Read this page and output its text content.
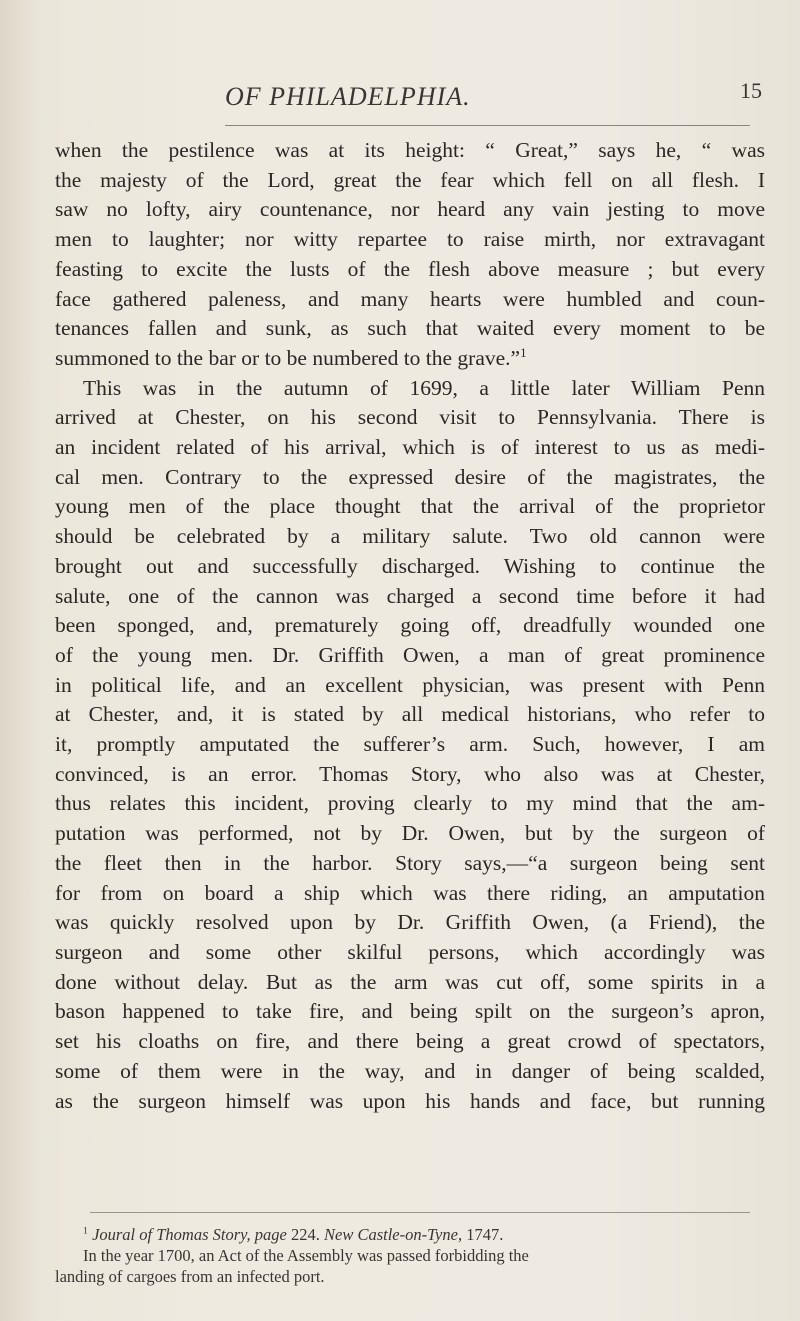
OF PHILADELPHIA.	15
when the pestilence was at its height: “ Great,” says he, “ was
the majesty of the Lord, great the fear which fell on all flesh. I
saw no lofty, airy countenance, nor heard any vain jesting to move
men to laughter; nor witty repartee to raise mirth, nor extravagant
feasting to excite the lusts of the flesh above measure ; but every
face gathered paleness, and many hearts were humbled and coun-
tenances fallen and sunk, as such that waited every moment to be
summoned to the bar or to be numbered to the grave.”$^1$
This was in the autumn of 1699, a little later William Penn
arrived at Chester, on his second visit to Pennsylvania. There is
an incident related of his arrival, which is of interest to us as medi-
cal men. Contrary to the expressed desire of the magistrates, the
young men of the place thought that the arrival of the proprietor
should be celebrated by a military salute. Two old cannon were
brought out and successfully discharged. Wishing to continue the
salute, one of the cannon was charged a second time before it had
been sponged, and, prematurely going off, dreadfully wounded one
of the young men. Dr. Griffith Owen, a man of great prominence
in political life, and an excellent physician, was present with Penn
at Chester, and, it is stated by all medical historians, who refer to
it, promptly amputated the sufferer’s arm. Such, however, I am
convinced, is an error. Thomas Story, who also was at Chester,
thus relates this incident, proving clearly to my mind that the am-
putation was performed, not by Dr. Owen, but by the surgeon of
the fleet then in the harbor. Story says,—“a surgeon being sent
for from on board a ship which was there riding, an amputation
was quickly resolved upon by Dr. Griffith Owen, (a Friend), the
surgeon and some other skilful persons, which accordingly was
done without delay. But as the arm was cut off, some spirits in a
bason happened to take fire, and being spilt on the surgeon’s apron,
set his cloaths on fire, and there being a great crowd of spectators,
some of them were in the way, and in danger of being scalded,
as the surgeon himself was upon his hands and face, but running
$^1$ Joural of Thomas Story, page 224. New Castle-on-Tyne, 1747.
In the year 1700, an Act of the Assembly was passed forbidding the
landing of cargoes from an infected port.
